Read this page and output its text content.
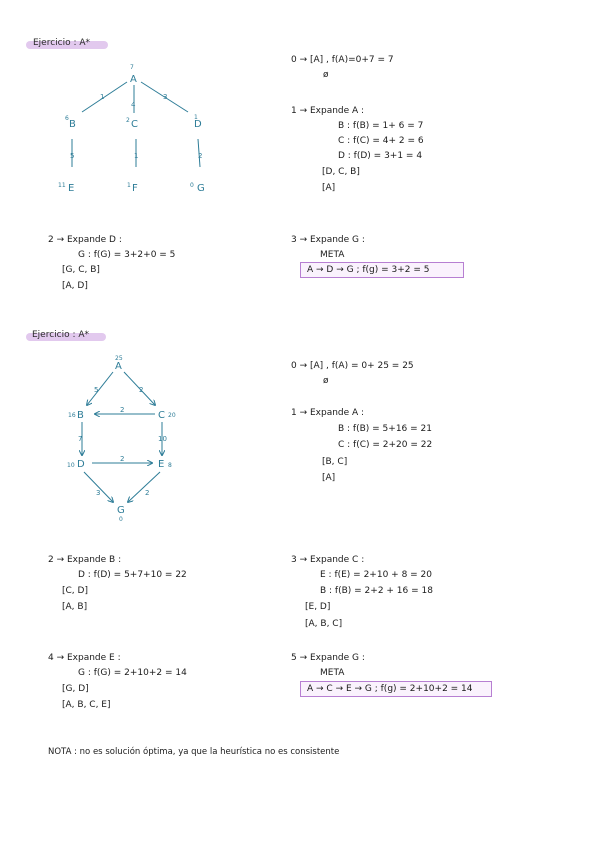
Ejercicio : A*
A
B	C	D
E	F	G
7
6	2	1
11	1	0
1
4
3
5	1	2
0 → [A] , f(A)=0+7 = 7
ø
1 → Expande A :
B : f(B) = 1+ 6 = 7
C : f(C) = 4+ 2 = 6
D : f(D) = 3+1 = 4
[D, C, B]
[A]
2 → Expande D :
G : f(G) = 3+2+0 = 5
[G, C, B]
[A, D]
3 → Expande G :
META
A → D → G ; f(g) = 3+2 = 5
Ejercicio : A*
A
B	C
D	E
G
25
16	20
10	8
0
5	2
2
7	10
2
3	2
0 → [A] , f(A) = 0+ 25 = 25
ø
1 → Expande A :
B : f(B) = 5+16 = 21
C : f(C) = 2+20 = 22
[B, C]
[A]
2 → Expande B :
D : f(D) = 5+7+10 = 22
[C, D]
[A, B]
3 → Expande C :
E : f(E) = 2+10 + 8 = 20
B : f(B) = 2+2 + 16 = 18
[E, D]
[A, B, C]
4 → Expande E :
G : f(G) = 2+10+2 = 14
[G, D]
[A, B, C, E]
5 → Expande G :
META
A → C → E → G ; f(g) = 2+10+2 = 14
NOTA : no es solución óptima, ya que la heurística no es consistente
